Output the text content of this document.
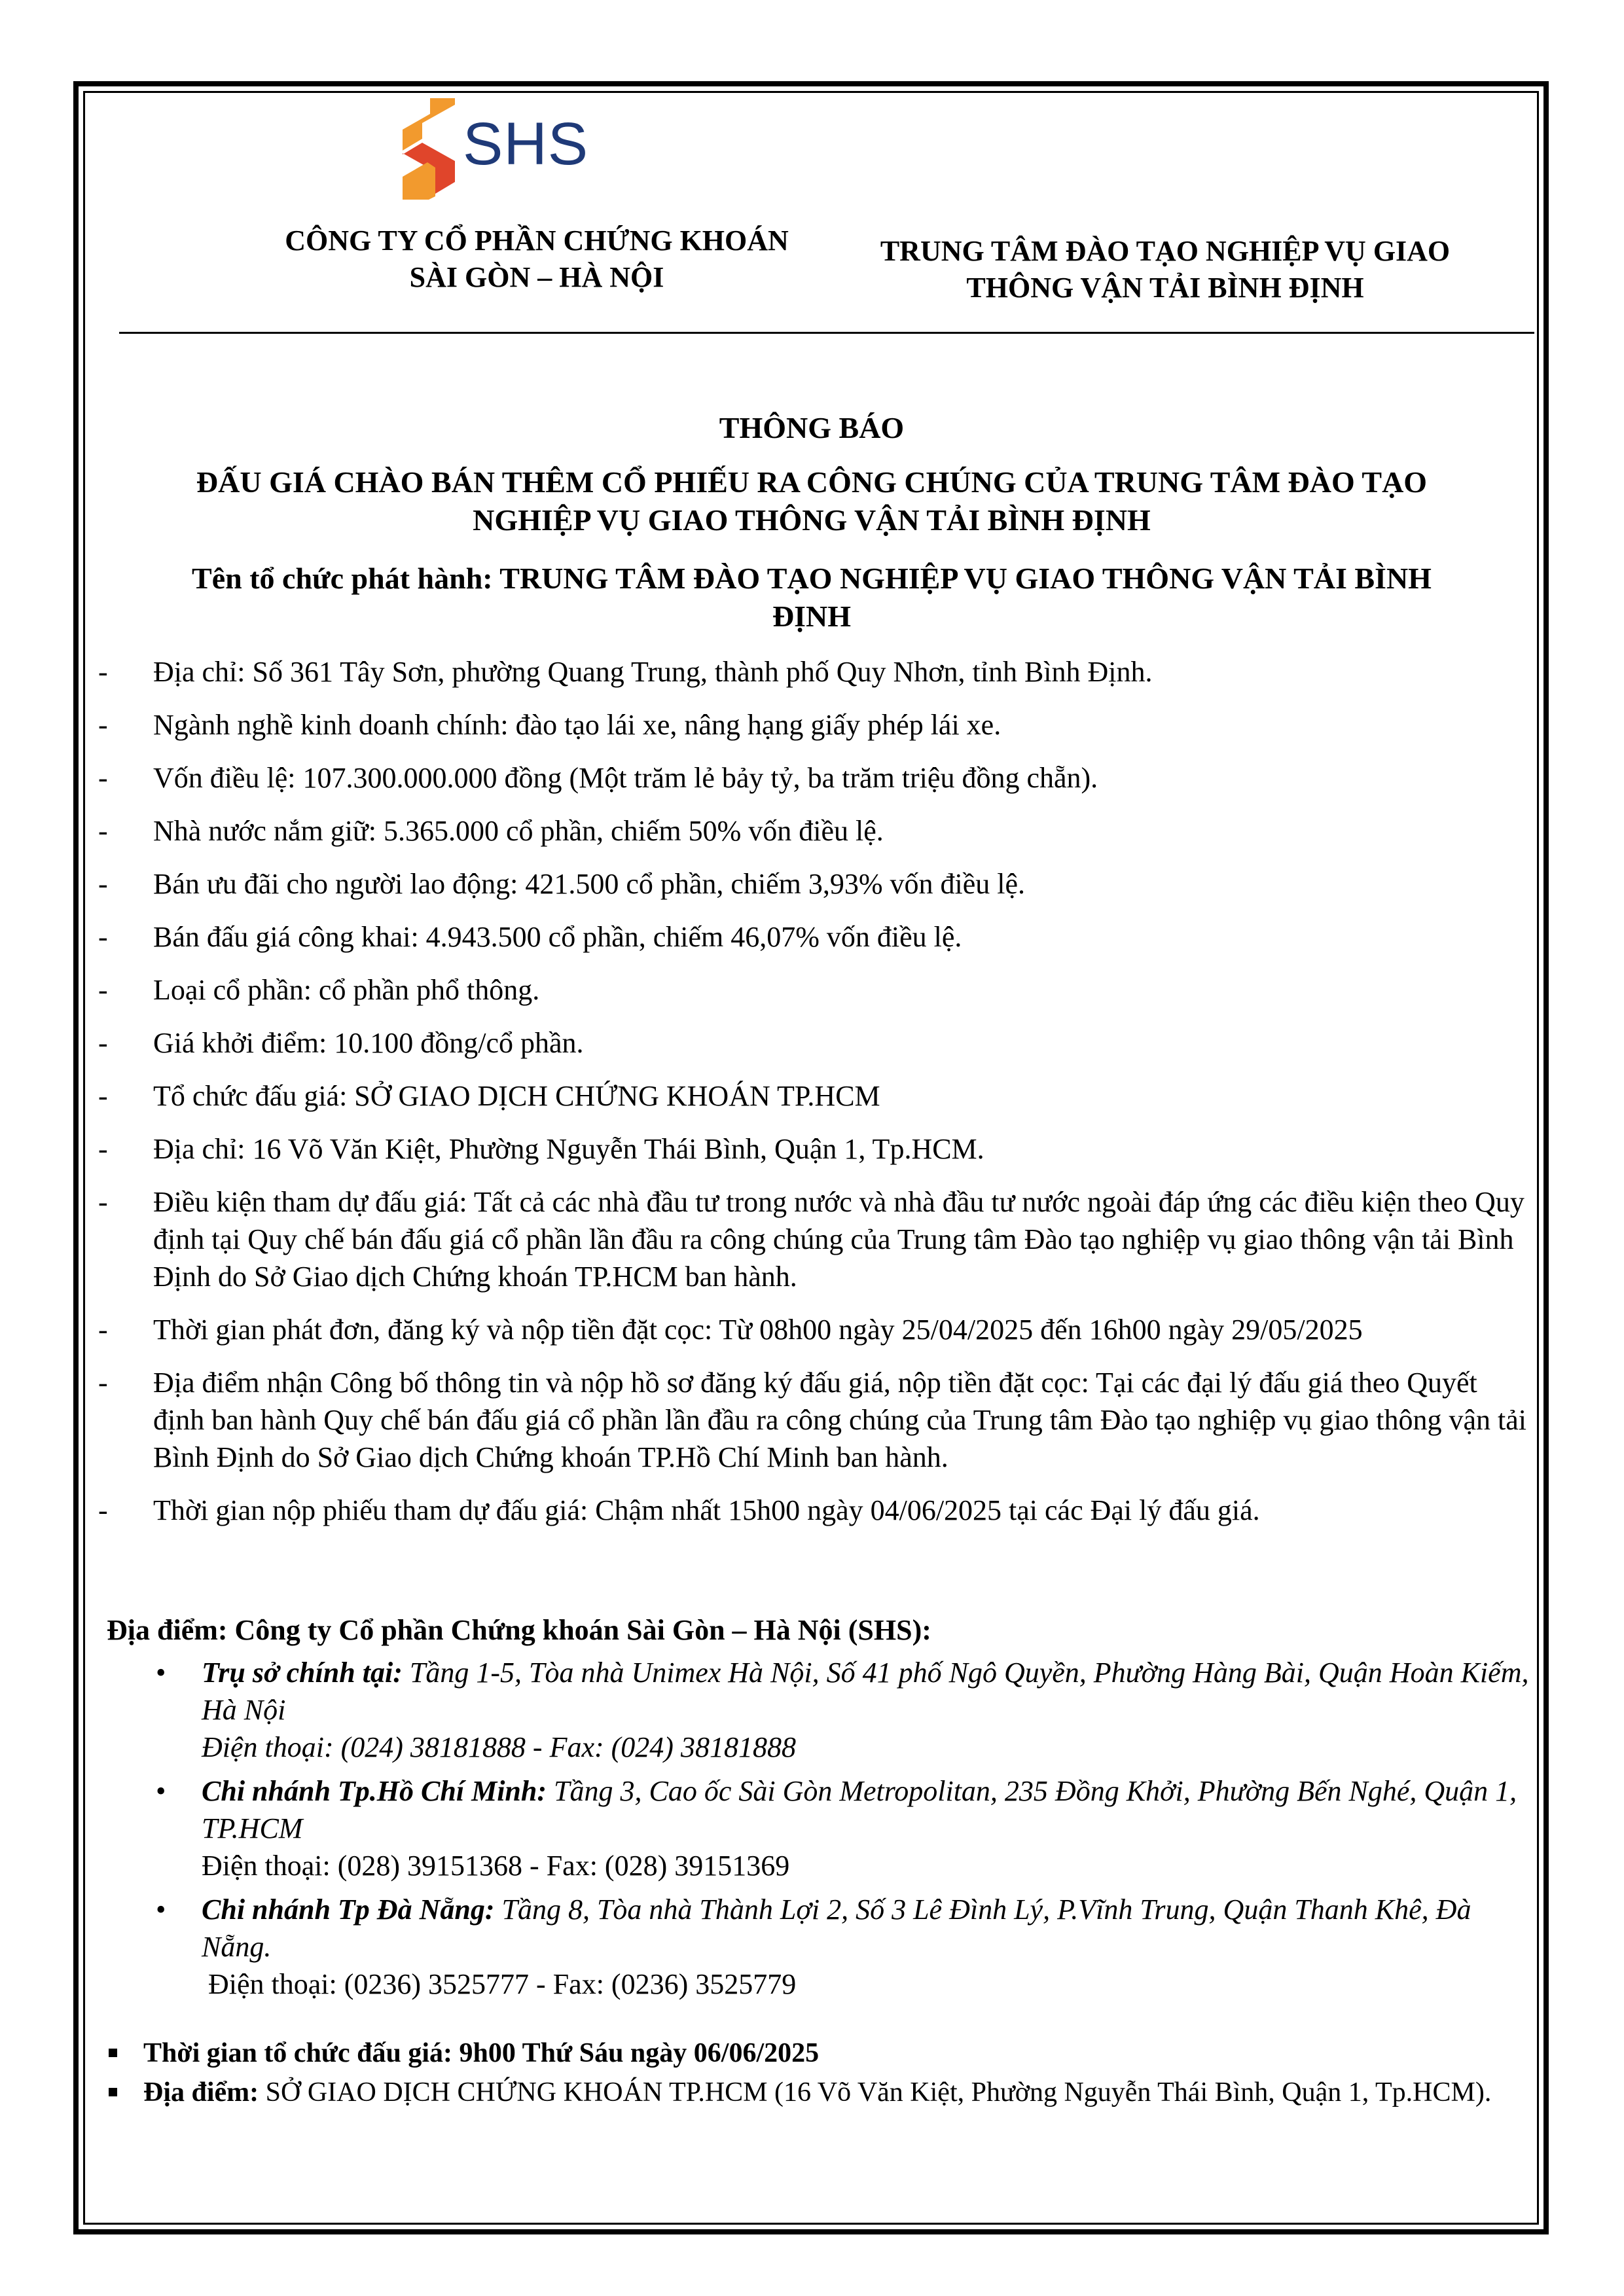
SHS
CÔNG TY CỔ PHẦN CHỨNG KHOÁN
SÀI GÒN – HÀ NỘI
TRUNG TÂM ĐÀO TẠO NGHIỆP VỤ GIAO
THÔNG VẬN TẢI BÌNH ĐỊNH
THÔNG BÁO
ĐẤU GIÁ CHÀO BÁN THÊM CỔ PHIẾU RA CÔNG CHÚNG CỦA TRUNG TÂM ĐÀO TẠO
NGHIỆP VỤ GIAO THÔNG VẬN TẢI BÌNH ĐỊNH
Tên tổ chức phát hành: TRUNG TÂM ĐÀO TẠO NGHIỆP VỤ GIAO THÔNG VẬN TẢI BÌNH
ĐỊNH
- Địa chỉ: Số 361 Tây Sơn, phường Quang Trung, thành phố Quy Nhơn, tỉnh Bình Định.
- Ngành nghề kinh doanh chính: đào tạo lái xe, nâng hạng giấy phép lái xe.
- Vốn điều lệ: 107.300.000.000 đồng (Một trăm lẻ bảy tỷ, ba trăm triệu đồng chẵn).
- Nhà nước nắm giữ: 5.365.000 cổ phần, chiếm 50% vốn điều lệ.
- Bán ưu đãi cho người lao động: 421.500 cổ phần, chiếm 3,93% vốn điều lệ.
- Bán đấu giá công khai: 4.943.500 cổ phần, chiếm 46,07% vốn điều lệ.
- Loại cổ phần: cổ phần phổ thông.
- Giá khởi điểm: 10.100 đồng/cổ phần.
- Tổ chức đấu giá: SỞ GIAO DỊCH CHỨNG KHOÁN TP.HCM
- Địa chỉ: 16 Võ Văn Kiệt, Phường Nguyễn Thái Bình, Quận 1, Tp.HCM.
- Điều kiện tham dự đấu giá: Tất cả các nhà đầu tư trong nước và nhà đầu tư nước ngoài đáp ứng các điều kiện theo Quy định tại Quy chế bán đấu giá cổ phần lần đầu ra công chúng của Trung tâm Đào tạo nghiệp vụ giao thông vận tải Bình Định do Sở Giao dịch Chứng khoán TP.HCM ban hành.
- Thời gian phát đơn, đăng ký và nộp tiền đặt cọc: Từ 08h00 ngày 25/04/2025 đến 16h00 ngày 29/05/2025
- Địa điểm nhận Công bố thông tin và nộp hồ sơ đăng ký đấu giá, nộp tiền đặt cọc: Tại các đại lý đấu giá theo Quyết định ban hành Quy chế bán đấu giá cổ phần lần đầu ra công chúng của Trung tâm Đào tạo nghiệp vụ giao thông vận tải Bình Định do Sở Giao dịch Chứng khoán TP.Hồ Chí Minh ban hành.
- Thời gian nộp phiếu tham dự đấu giá: Chậm nhất 15h00 ngày 04/06/2025 tại các Đại lý đấu giá.
Địa điểm: Công ty Cổ phần Chứng khoán Sài Gòn – Hà Nội (SHS):
• Trụ sở chính tại: Tầng 1-5, Tòa nhà Unimex Hà Nội, Số 41 phố Ngô Quyền, Phường Hàng Bài, Quận Hoàn Kiếm, Hà Nội
Điện thoại: (024) 38181888 - Fax: (024) 38181888
• Chi nhánh Tp.Hồ Chí Minh: Tầng 3, Cao ốc Sài Gòn Metropolitan, 235 Đồng Khởi, Phường Bến Nghé, Quận 1, TP.HCM
Điện thoại: (028) 39151368 - Fax: (028) 39151369
• Chi nhánh Tp Đà Nẵng: Tầng 8, Tòa nhà Thành Lợi 2, Số 3 Lê Đình Lý, P.Vĩnh Trung, Quận Thanh Khê, Đà Nẵng.
Điện thoại: (0236) 3525777 - Fax: (0236) 3525779
Thời gian tổ chức đấu giá: 9h00 Thứ Sáu ngày 06/06/2025
Địa điểm: SỞ GIAO DỊCH CHỨNG KHOÁN TP.HCM (16 Võ Văn Kiệt, Phường Nguyễn Thái Bình, Quận 1, Tp.HCM).
